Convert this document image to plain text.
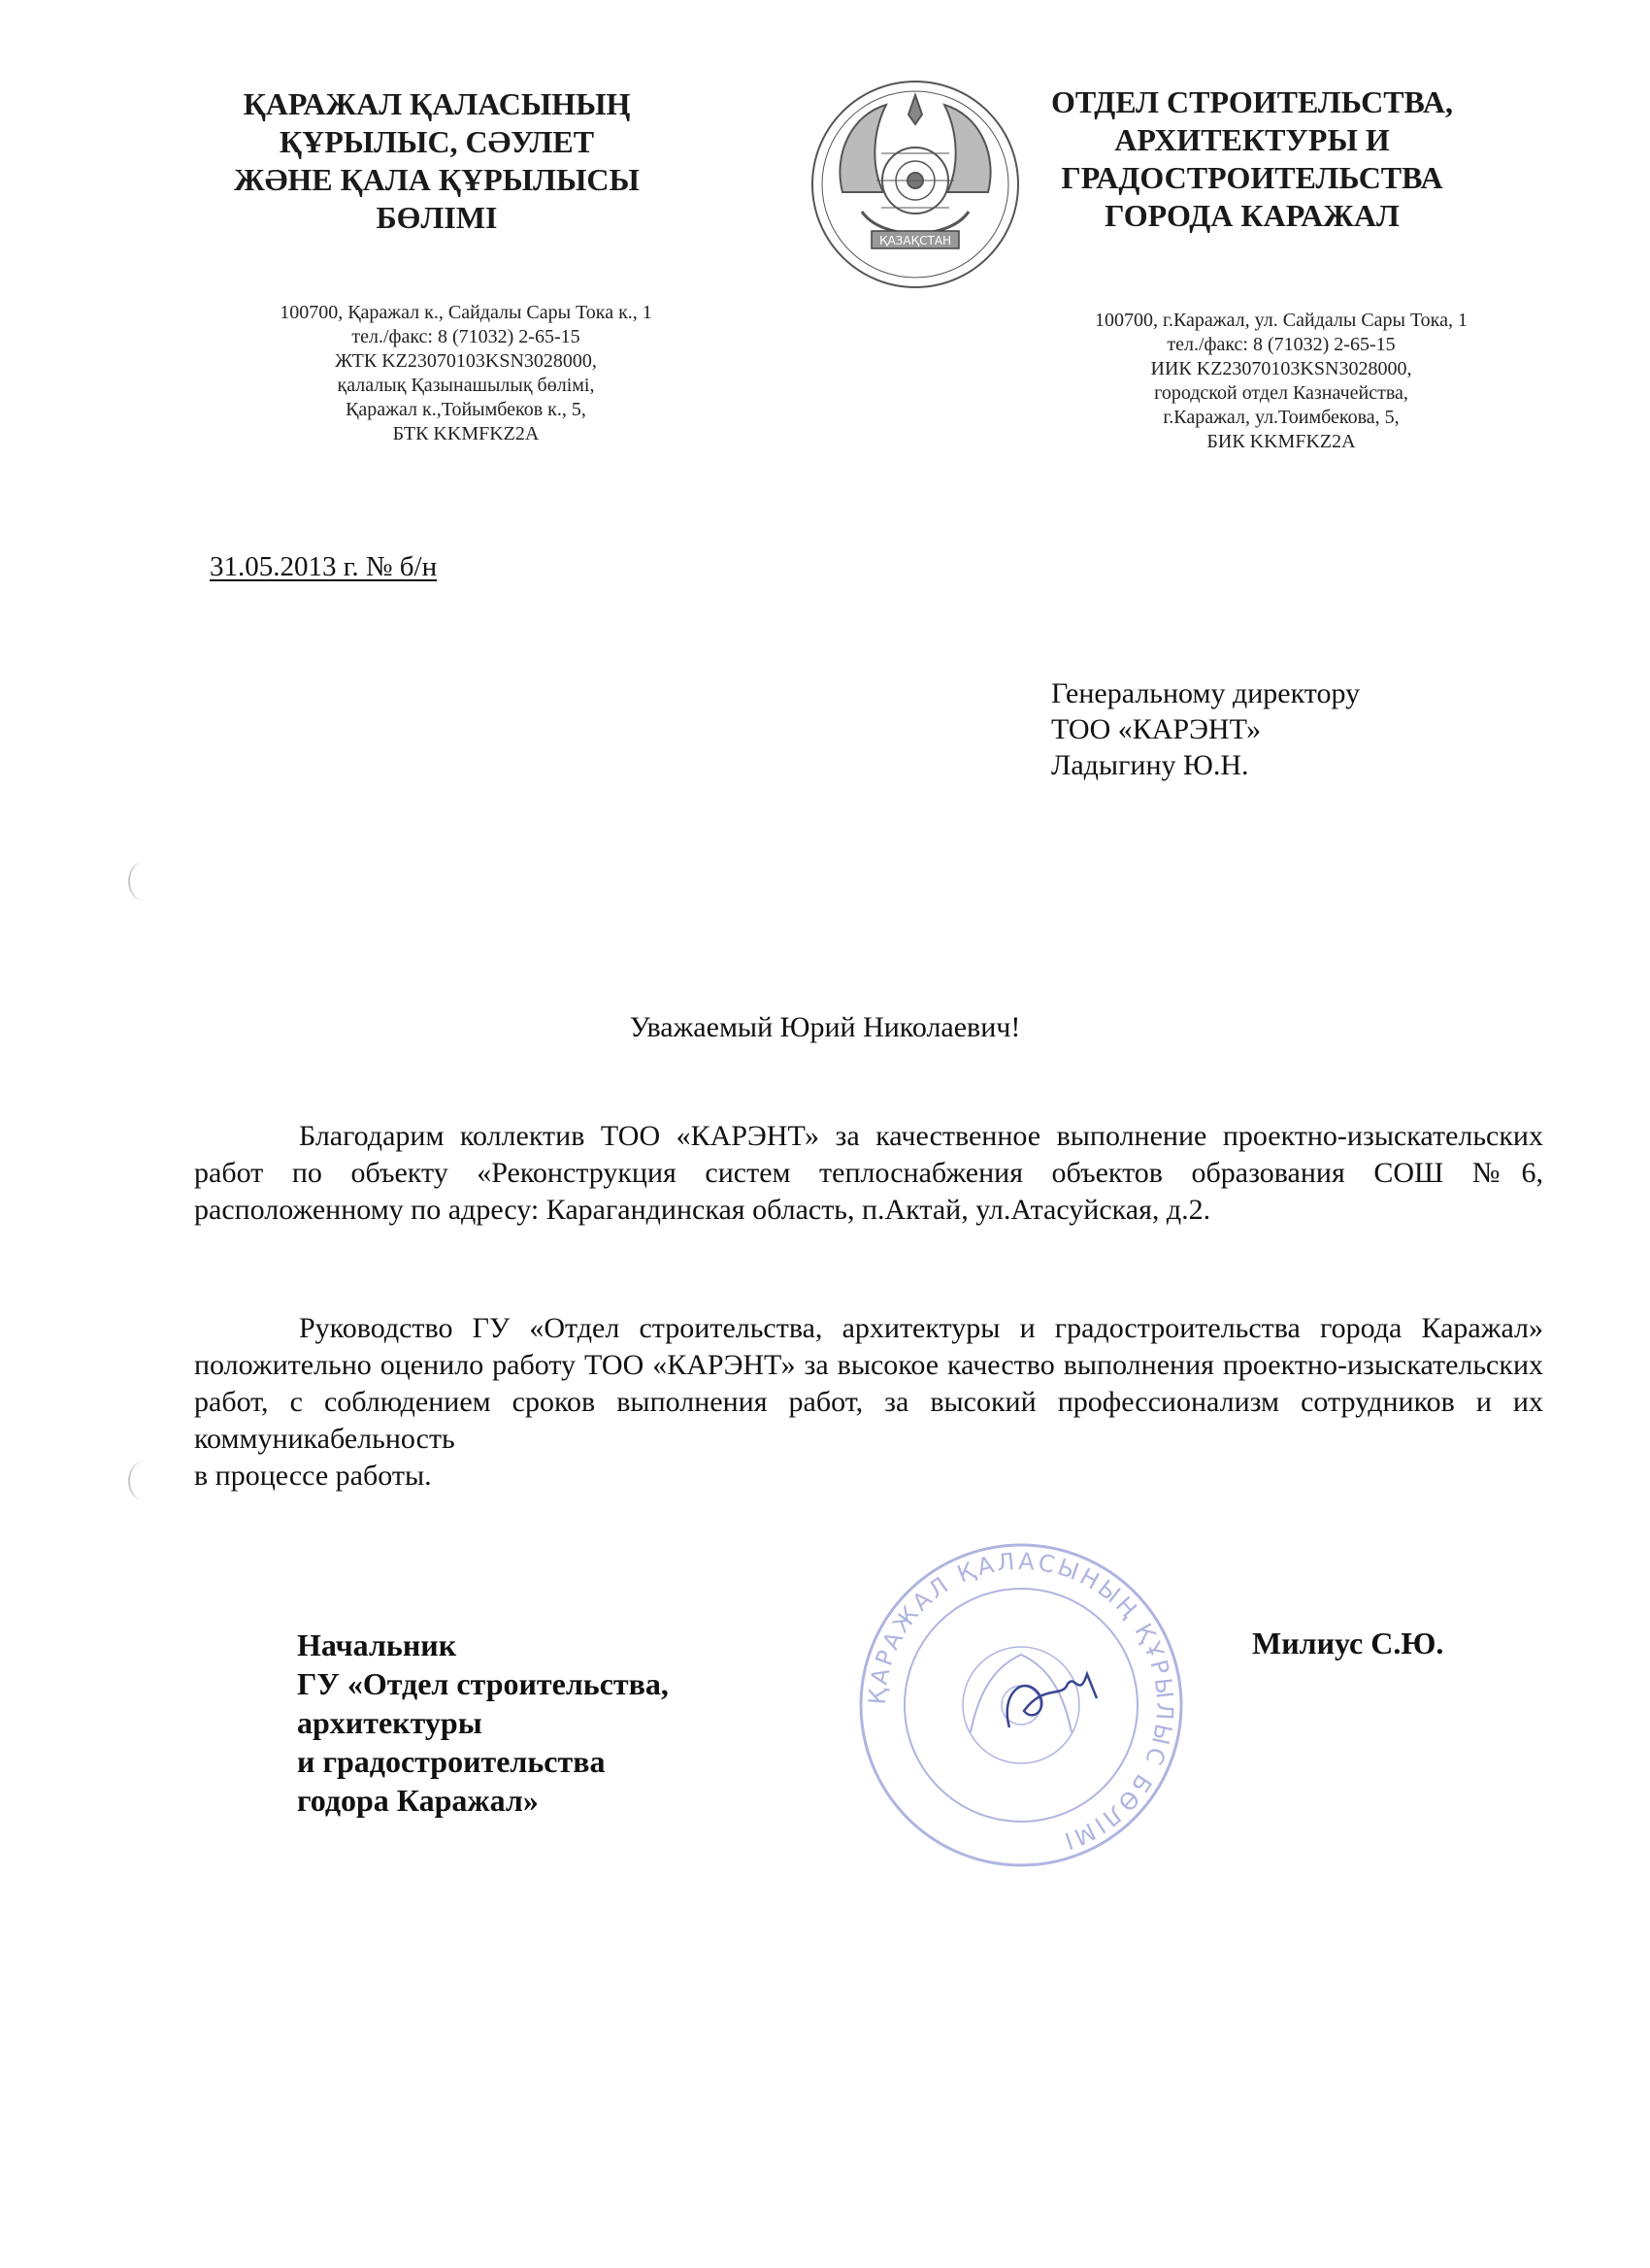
ҚАРАЖАЛ ҚАЛАСЫНЫҢ
ҚҰРЫЛЫС, СӘУЛЕТ
ЖӘНЕ ҚАЛА ҚҰРЫЛЫСЫ
БӨЛІМІ
ОТДЕЛ СТРОИТЕЛЬСТВА,
АРХИТЕКТУРЫ И
ГРАДОСТРОИТЕЛЬСТВА
ГОРОДА КАРАЖАЛ
ҚАЗАҚСТАН
100700, Қаражал к., Сайдалы Сары Тока к., 1
тел./факс: 8 (71032) 2-65-15
ЖТК KZ23070103KSN3028000,
қалалық Қазынашылық бөлімі,
Қаражал к.,Тойымбеков к., 5,
БТК KKMFKZ2A
100700, г.Каражал, ул. Сайдалы Сары Тока, 1
тел./факс: 8 (71032) 2-65-15
ИИК KZ23070103KSN3028000,
городской отдел Казначейства,
г.Каражал, ул.Тоимбекова, 5,
БИК KKMFKZ2A
31.05.2013 г. № б/н
Генеральному директору
ТОО «КАРЭНТ»
Ладыгину Ю.Н.
Уважаемый Юрий Николаевич!
Благодарим коллектив ТОО «КАРЭНТ» за качественное выполнение проектно-изыскательских работ по объекту «Реконструкция систем теплоснабжения объектов образования СОШ №6, расположенному по адресу: Карагандинская область, п.Актай, ул.Атасуйская, д.2.
Руководство ГУ «Отдел строительства, архитектуры и градостроительства города Каражал» положительно оценило работу ТОО «КАРЭНТ» за высокое качество выполнения проектно-изыскательских работ, с соблюдением сроков выполнения работ, за высокий профессионализм сотрудников и их коммуникабельность
в процессе работы.
ҚАРАЖАЛ ҚАЛАСЫНЫҢ ҚҰРЫЛЫС БӨЛІМІ
Начальник
ГУ «Отдел строительства,
архитектуры
и градостроительства
годора Каражал»
Милиус С.Ю.
